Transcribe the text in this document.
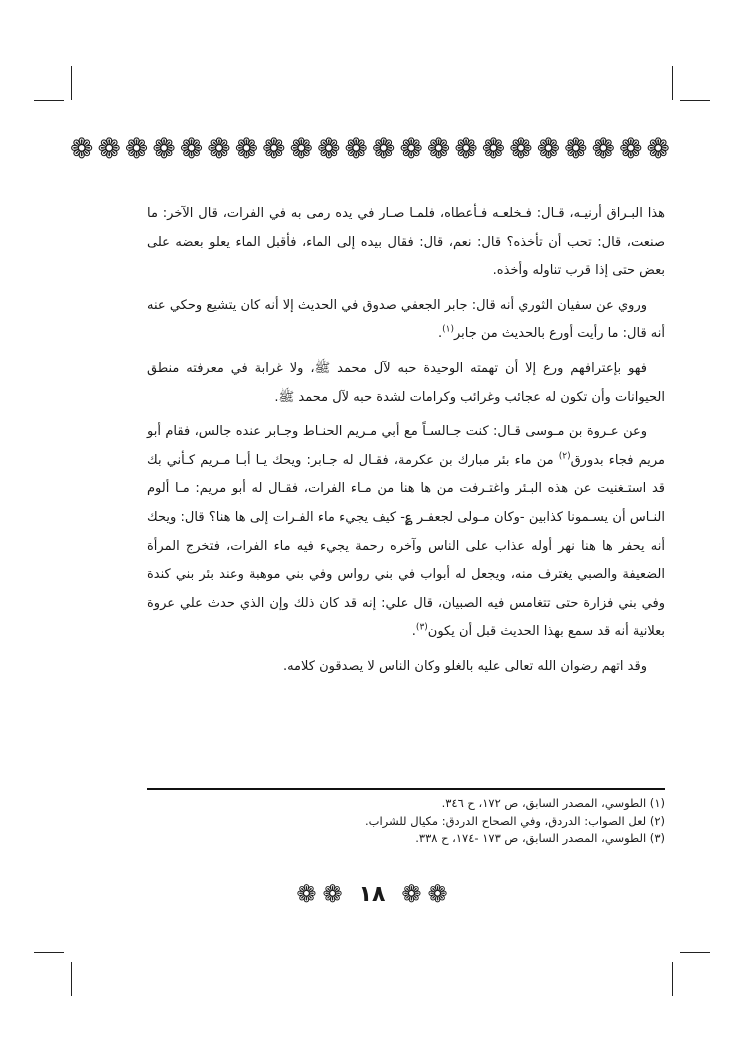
❁ ❁ ❁ ❁ ❁ ❁ ❁ ❁ ❁ ❁ ❁ ❁ ❁ ❁ ❁ ❁ ❁ ❁ ❁ ❁ ❁ ❁

هذا البـراق أرنيـه، قـال: فـخلعـه فـأعطاه، فلمـا صـار في يده رمى به في الفرات، قال الآخر: ما صنعت، قال: تحب أن تأخذه؟ قال: نعم، قال: فقال بيده إلى الماء، فأقبل الماء يعلو بعضه على بعض حتى إذا قرب تناوله وأخذه.

وروي عن سفيان الثوري أنه قال: جابر الجعفي صدوق في الحديث إلا أنه كان يتشيع وحكي عنه أنه قال: ما رأيت أورع بالحديث من جابر$^{(١)}$.

فهو بإعترافهم ورع إلا أن تهمته الوحيدة حبه لآل محمد ﷺ، ولا غرابة في معرفته منطق الحيوانات وأن تكون له عجائب وغرائب وكرامات لشدة حبه لآل محمد ﷺ.

وعن عـروة بن مـوسى قـال: كنت جـالسـاً مع أبي مـريم الحنـاط وجـابر عنده جالس، فقام أبو مريم فجاء بدورق$^{(٢)}$ من ماء بئر مبارك بن عكرمة، فقـال له جـابر: ويحك يـا أبـا مـريم كـأني بك قد استـغنيت عن هذه البـئر واغتـرفت من ها هنا من مـاء الفرات، فقـال له أبو مريم: مـا ألوم النـاس أن يسـمونا كذابين -وكان مـولى لجعفـر ؏- كيف يجيء ماء الفـرات إلى ها هنا؟ قال: ويحك أنه يحفر ها هنا نهر أوله عذاب على الناس وآخره رحمة يجيء فيه ماء الفرات، فتخرج المرأة الضعيفة والصبي يغترف منه، ويجعل له أبواب في بني رواس وفي بني موهبة وعند بئر بني كندة وفي بني فزارة حتى تتغامس فيه الصبيان، قال علي: إنه قد كان ذلك وإن الذي حدث علي عروة بعلانية أنه قد سمع بهذا الحديث قبل أن يكون$^{(٣)}$.

وقد اتهم رضوان الله تعالى عليه بالغلو وكان الناس لا يصدقون كلامه.

(١) الطوسي، المصدر السابق، ص ١٧٢، ح ٣٤٦.
(٢) لعل الصواب: الدردق، وفي الصحاح الدردق: مكيال للشراب.
(٣) الطوسي، المصدر السابق، ص ١٧٣ -١٧٤، ح ٣٣٨.
❁ ❁ ١٨ ❁ ❁
